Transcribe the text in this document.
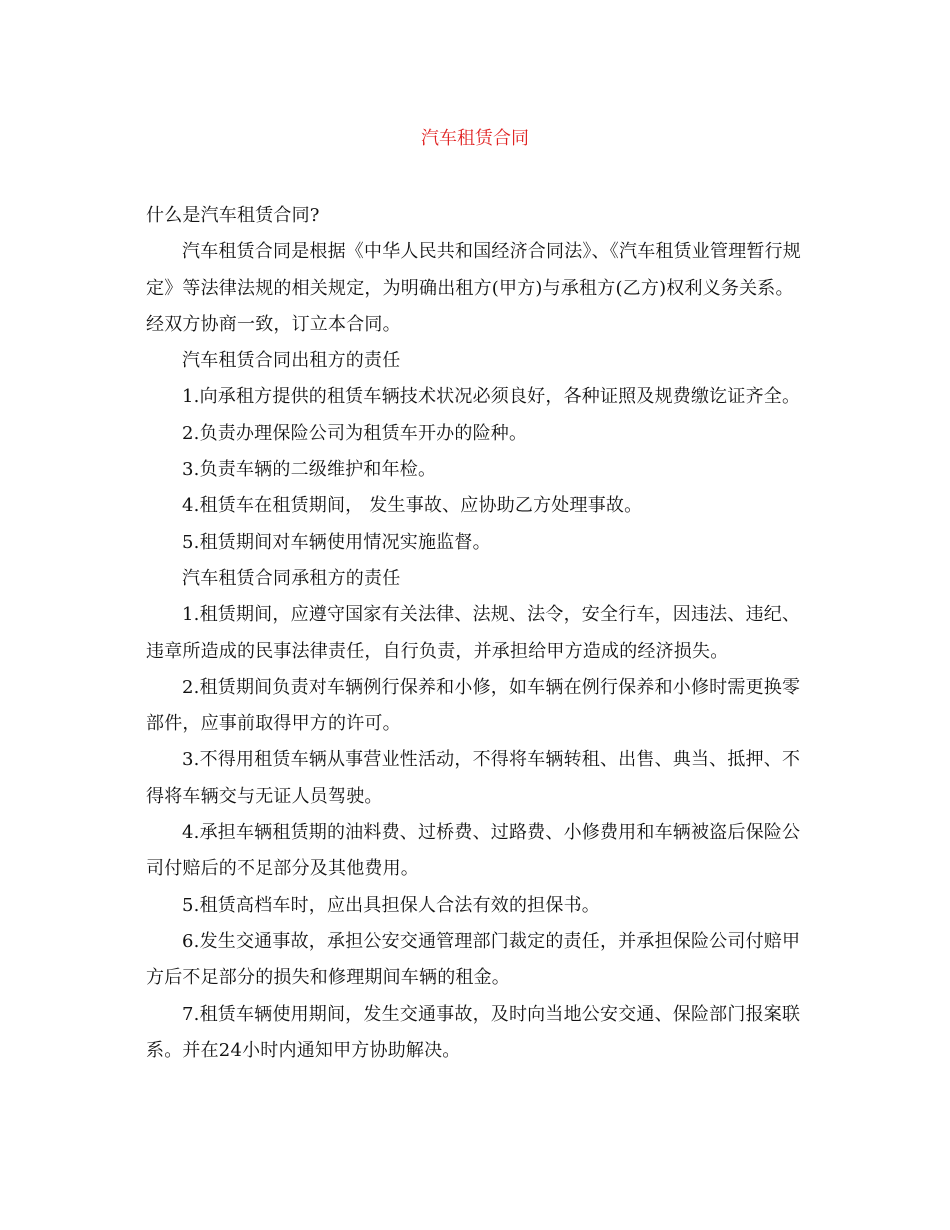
汽车租赁合同

什么是汽车租赁合同?

汽车租赁合同是根据《中华人民共和国经济合同法》、《汽车租赁业管理暂行规定》等法律法规的相关规定，为明确出租方(甲方)与承租方(乙方)权利义务关系。经双方协商一致，订立本合同。

汽车租赁合同出租方的责任

1.向承租方提供的租赁车辆技术状况必须良好，各种证照及规费缴讫证齐全。

2.负责办理保险公司为租赁车开办的险种。

3.负责车辆的二级维护和年检。

4.租赁车在租赁期间， 发生事故、应协助乙方处理事故。

5.租赁期间对车辆使用情况实施监督。

汽车租赁合同承租方的责任

1.租赁期间，应遵守国家有关法律、法规、法令，安全行车，因违法、违纪、违章所造成的民事法律责任，自行负责，并承担给甲方造成的经济损失。

2.租赁期间负责对车辆例行保养和小修，如车辆在例行保养和小修时需更换零部件，应事前取得甲方的许可。

3.不得用租赁车辆从事营业性活动，不得将车辆转租、出售、典当、抵押、不得将车辆交与无证人员驾驶。

4.承担车辆租赁期的油料费、过桥费、过路费、小修费用和车辆被盗后保险公司付赔后的不足部分及其他费用。

5.租赁高档车时，应出具担保人合法有效的担保书。

6.发生交通事故，承担公安交通管理部门裁定的责任，并承担保险公司付赔甲方后不足部分的损失和修理期间车辆的租金。

7.租赁车辆使用期间，发生交通事故，及时向当地公安交通、保险部门报案联系。并在24小时内通知甲方协助解决。
